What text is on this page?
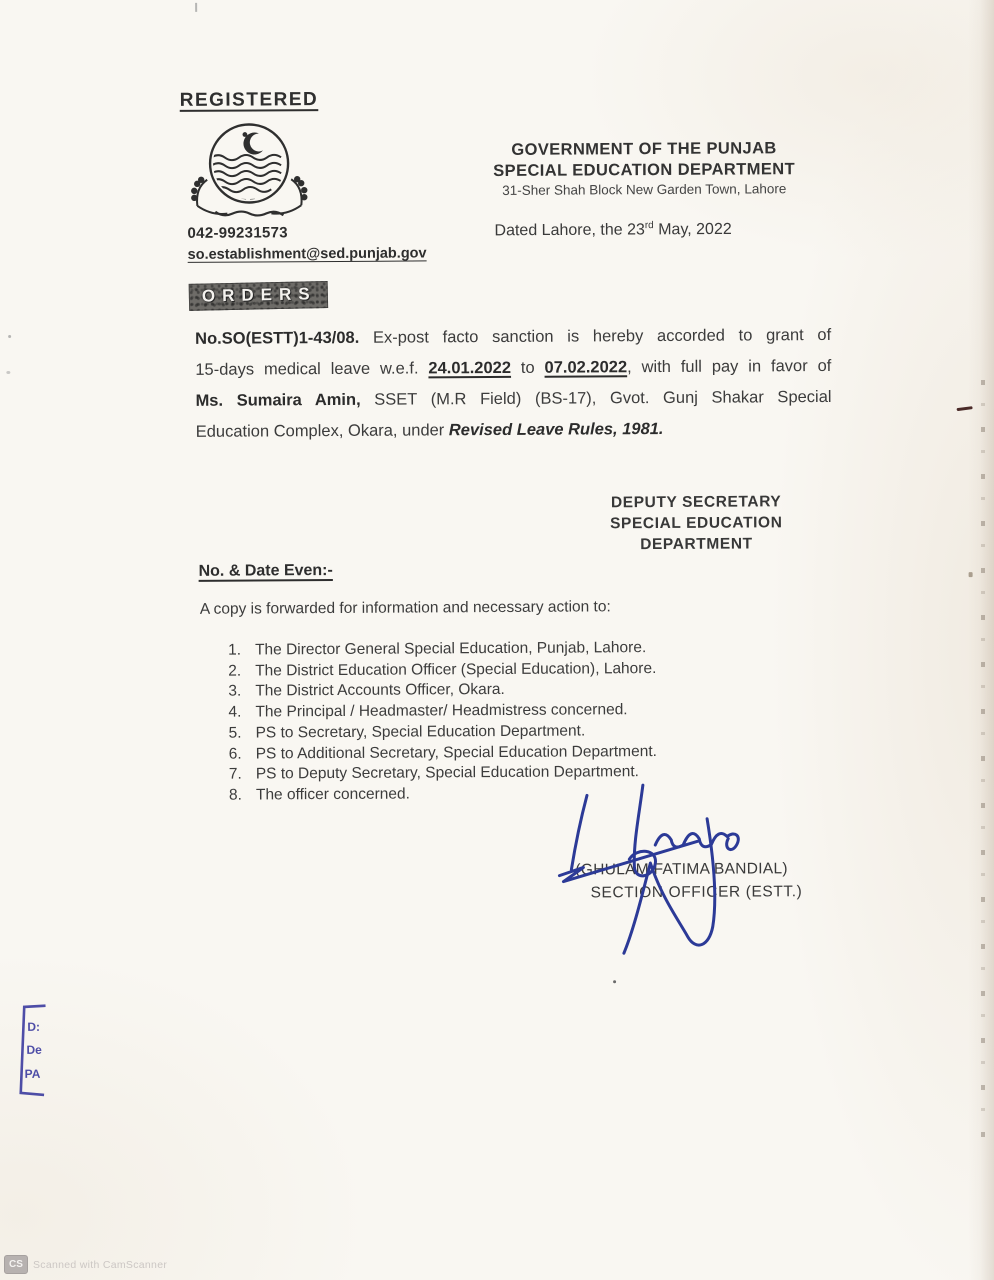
REGISTERED
GOVERNMENT OF THE PUNJAB
SPECIAL EDUCATION DEPARTMENT
31-Sher Shah Block New Garden Town, Lahore
042-99231573
so.establishment@sed.punjab.gov
Dated Lahore, the 23rd May, 2022
ORDERS
No.SO(ESTT)1-43/08. Ex-post facto sanction is hereby accorded to grant of
15-days medical leave w.e.f. 24.01.2022 to 07.02.2022, with full pay in favor of
Ms. Sumaira Amin, SSET (M.R Field) (BS-17), Gvot. Gunj Shakar Special
Education Complex, Okara, under Revised Leave Rules, 1981.
DEPUTY SECRETARY
SPECIAL EDUCATION
DEPARTMENT
No. & Date Even:-
A copy is forwarded for information and necessary action to:
1. The Director General Special Education, Punjab, Lahore.
2. The District Education Officer (Special Education), Lahore.
3. The District Accounts Officer, Okara.
4. The Principal / Headmaster/ Headmistress concerned.
5. PS to Secretary, Special Education Department.
6. PS to Additional Secretary, Special Education Department.
7. PS to Deputy Secretary, Special Education Department.
8. The officer concerned.
(GHULAM FATIMA BANDIAL)
SECTION OFFICER (ESTT.)
D:
De
PA
CS Scanned with CamScanner
